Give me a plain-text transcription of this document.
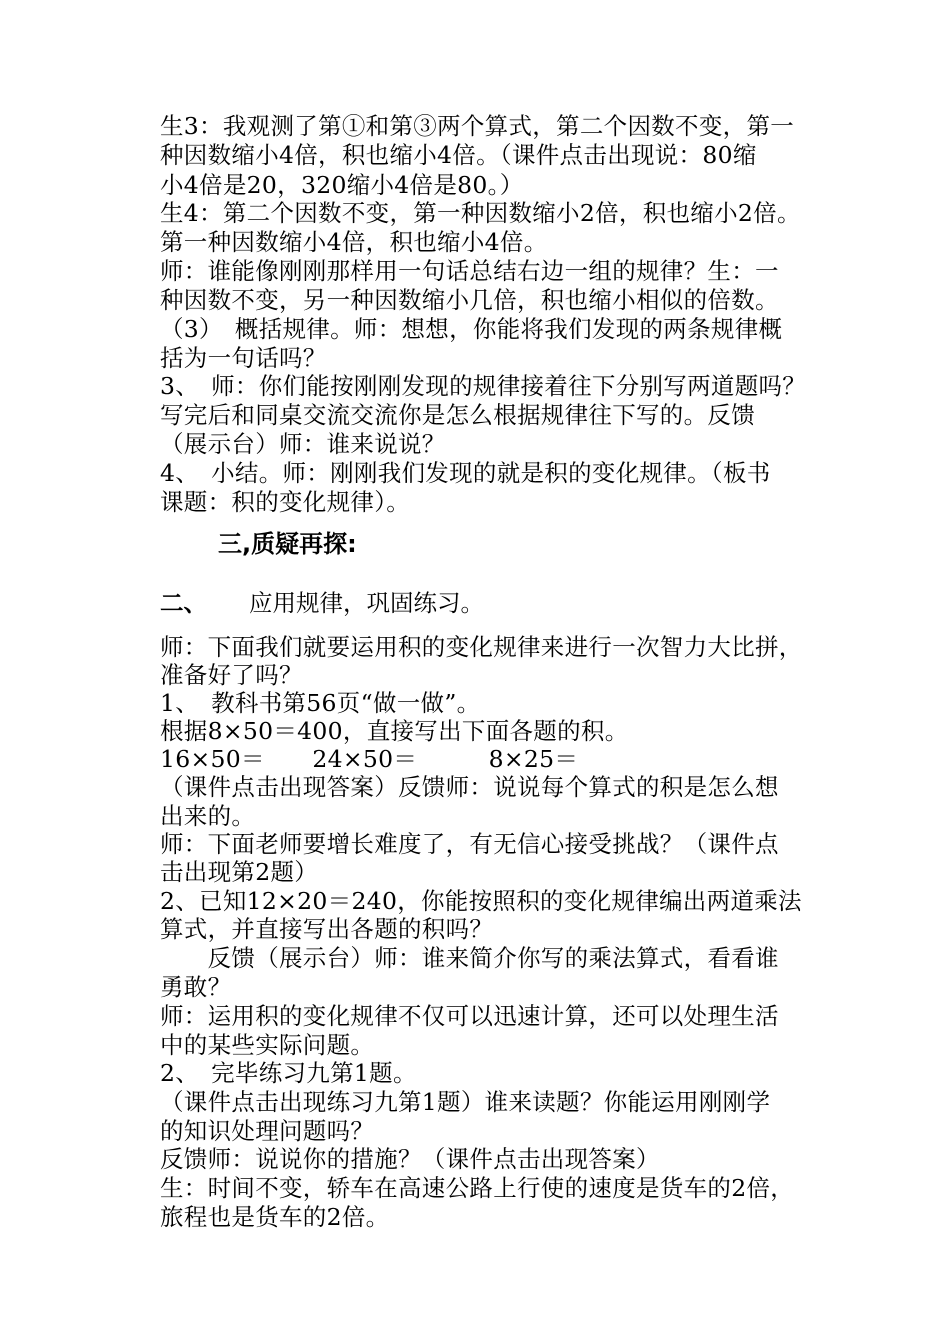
生3：我观测了第①和第③两个算式，第二个因数不变，第一

种因数缩小4倍，积也缩小4倍。（课件点击出现说：80缩

小4倍是20，320缩小4倍是80。）

生4：第二个因数不变，第一种因数缩小2倍，积也缩小2倍。

第一种因数缩小4倍，积也缩小4倍。

师：谁能像刚刚那样用一句话总结右边一组的规律？生：一

种因数不变，另一种因数缩小几倍，积也缩小相似的倍数。

（3）　概括规律。师：想想，你能将我们发现的两条规律概

括为一句话吗？

3、　师：你们能按刚刚发现的规律接着往下分别写两道题吗？

写完后和同桌交流交流你是怎么根据规律往下写的。反馈

（展示台）师：谁来说说？

4、　小结。师：刚刚我们发现的就是积的变化规律。（板书

课题：积的变化规律）。

三,质疑再探:

二、 应用规律，巩固练习。

师：下面我们就要运用积的变化规律来进行一次智力大比拼，

准备好了吗？

1、　教科书第56页“做一做”。

根据8×50＝400，直接写出下面各题的积。

16×50＝　　24×50＝　　　8×25＝

（课件点击出现答案）反馈师：说说每个算式的积是怎么想

出来的。

师：下面老师要增长难度了，有无信心接受挑战？（课件点

击出现第2题）

2、已知12×20＝240，你能按照积的变化规律编出两道乘法

算式，并直接写出各题的积吗？

　　反馈（展示台）师：谁来简介你写的乘法算式，看看谁

勇敢？

师：运用积的变化规律不仅可以迅速计算，还可以处理生活

中的某些实际问题。

2、　完毕练习九第1题。

（课件点击出现练习九第1题）谁来读题？你能运用刚刚学

的知识处理问题吗？

反馈师：说说你的措施？（课件点击出现答案）

生：时间不变，轿车在高速公路上行使的速度是货车的2倍，

旅程也是货车的2倍。
